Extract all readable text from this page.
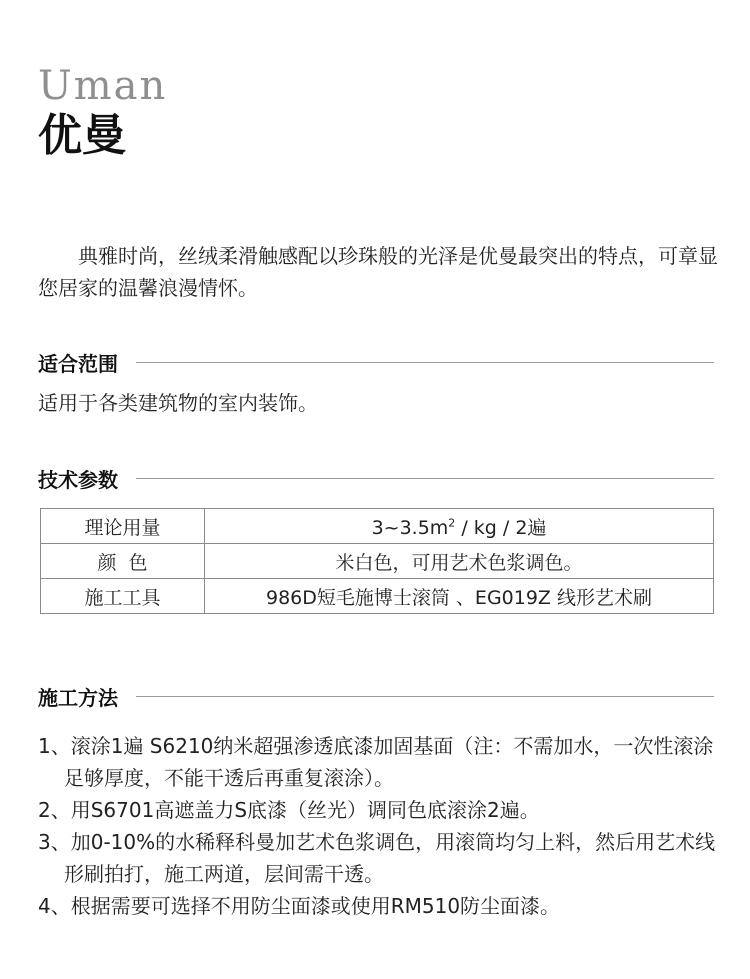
Uman
优曼

典雅时尚，丝绒柔滑触感配以珍珠般的光泽是优曼最突出的特点，可章显您居家的温馨浪漫情怀。

适合范围
适用于各类建筑物的室内装饰。
技术参数
理论用量	$3\sim 3.5m^2$ / kg / 2遍
颜  色	米白色，可用艺术色浆调色。
施工工具	986D短毛施博士滚筒 、EG019Z 线形艺术刷
施工方法
1、滚涂1遍 S6210纳米超强渗透底漆加固基面（注：不需加水，一次性滚涂足够厚度，不能干透后再重复滚涂）。
2、用S6701高遮盖力S底漆（丝光）调同色底滚涂2遍。
3、加0-10%的水稀释科曼加艺术色浆调色，用滚筒均匀上料，然后用艺术线形刷拍打，施工两道，层间需干透。
4、根据需要可选择不用防尘面漆或使用RM510防尘面漆。
